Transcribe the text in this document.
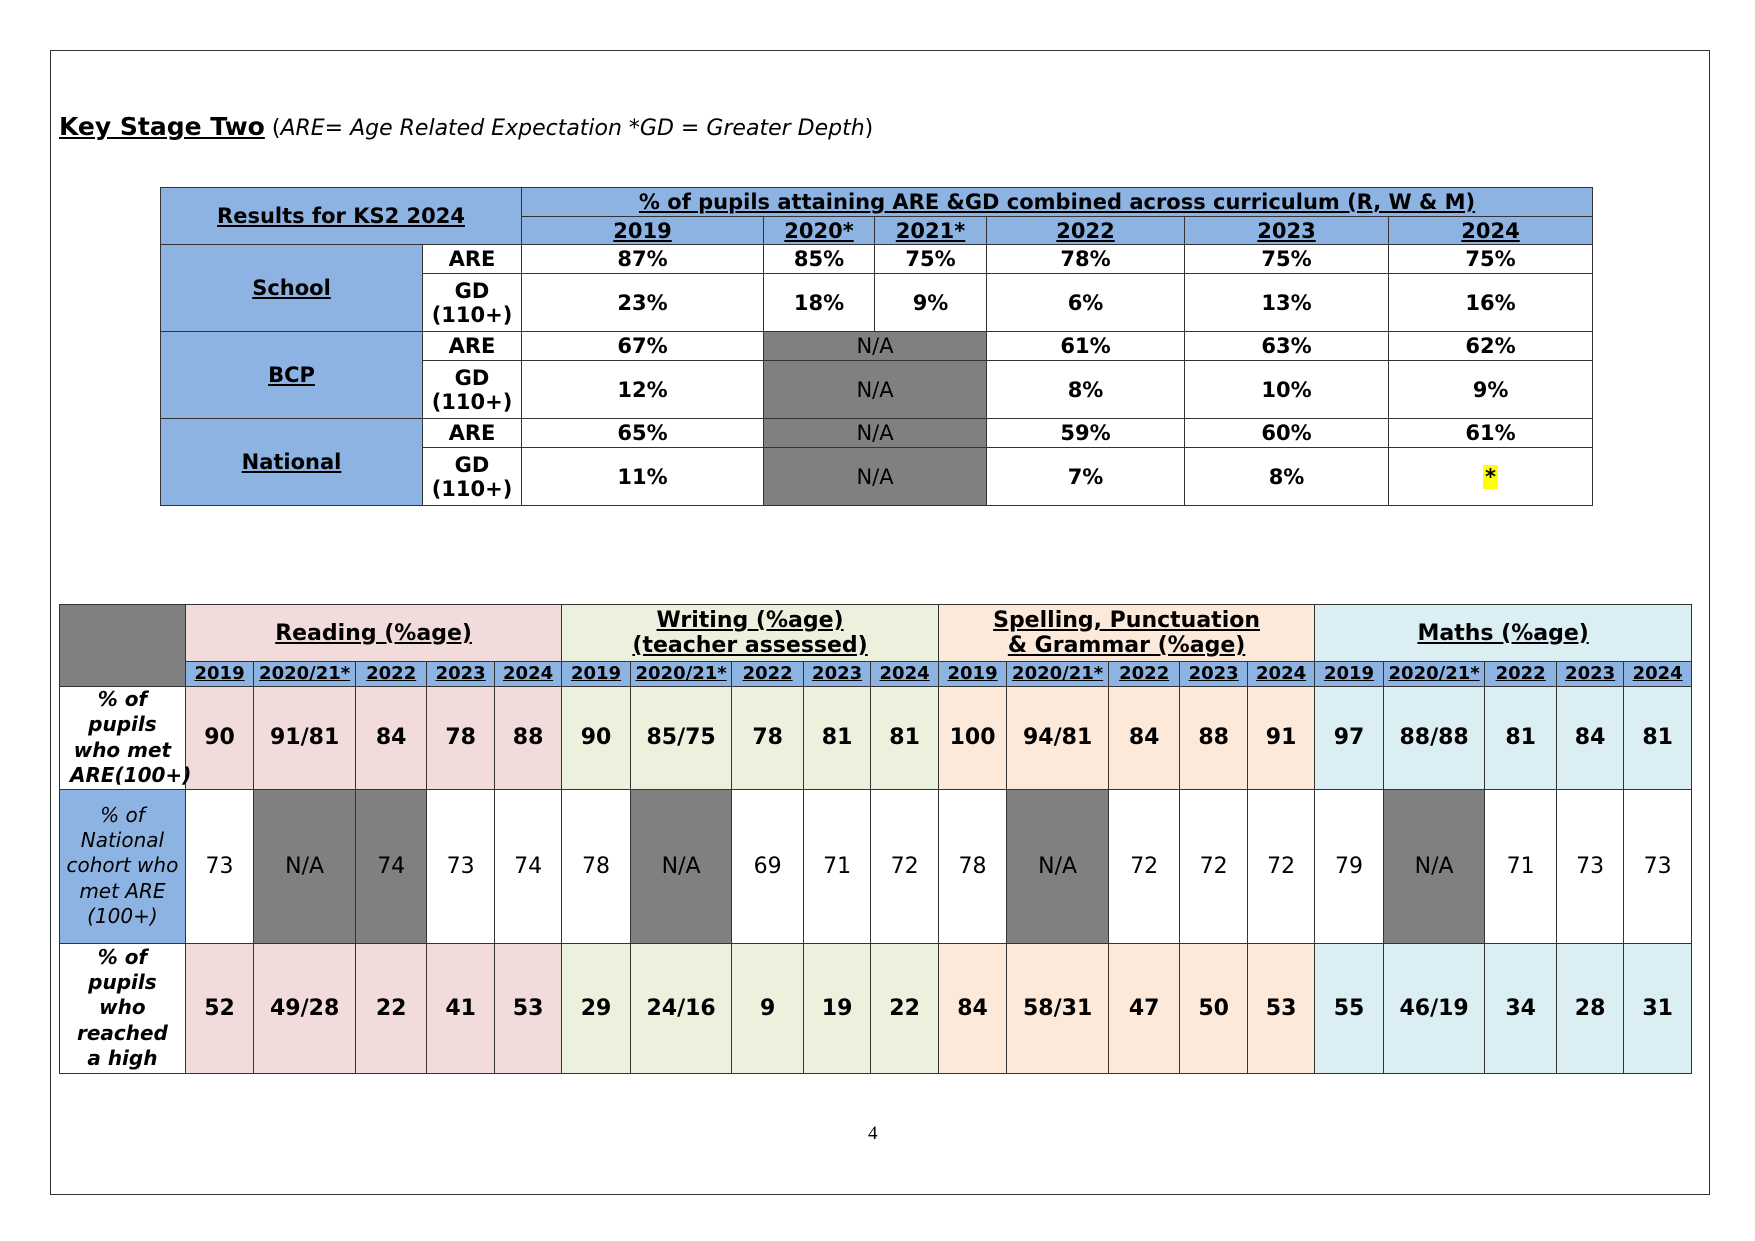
Key Stage Two (ARE= Age Related Expectation *GD = Greater Depth)
Results for KS2 2024		% of pupils attaining ARE &GD combined across curriculum (R, W & M)					
		2019	2020*	2021*	2022	2023	2024
School	ARE	87%	85%	75%	78%	75%	75%
	GD (110+)	23%	18%	9%	6%	13%	16%
BCP	ARE	67%	N/A		61%	63%	62%
	GD (110+)	12%	N/A		8%	10%	9%
National	ARE	65%	N/A		59%	60%	61%
	GD (110+)	11%	N/A		7%	8%	*
	Reading (%age)					Writing (%age) (teacher assessed)					Spelling, Punctuation & Grammar (%age)					Maths (%age)				
	2019	2020/21*	2022	2023	2024	2019	2020/21*	2022	2023	2024	2019	2020/21*	2022	2023	2024	2019	2020/21*	2022	2023	2024
% of pupils who met ARE(100+)	90	91/81	84	78	88	90	85/75	78	81	81	100	94/81	84	88	91	97	88/88	81	84	81
% of National cohort who met ARE (100+)	73	N/A	74	73	74	78	N/A	69	71	72	78	N/A	72	72	72	79	N/A	71	73	73
% of pupils who reached a high	52	49/28	22	41	53	29	24/16	9	19	22	84	58/31	47	50	53	55	46/19	34	28	31
4
